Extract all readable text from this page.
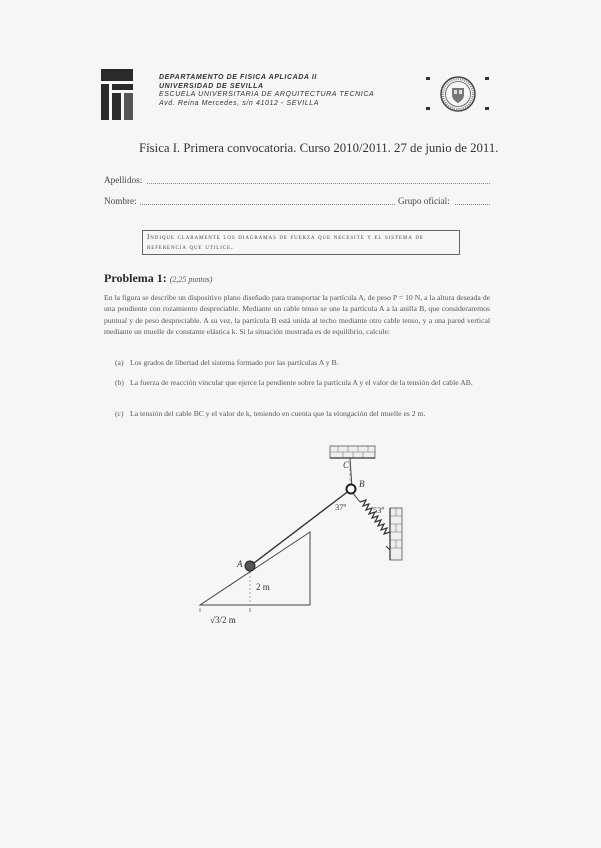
DEPARTAMENTO DE FISICA APLICADA II
UNIVERSIDAD DE SEVILLA
ESCUELA UNIVERSITARIA DE ARQUITECTURA TECNICA
Avd. Reina Mercedes, s/n 41012 - SEVILLA
Física I. Primera convocatoria. Curso 2010/2011. 27 de junio de 2011.
Apellidos:
Nombre:	Grupo oficial:
Indique claramente los diagramas de fuerza que necesite y el sistema de referencia que utilice.
Problema 1: (2,25 puntos)
En la figura se describe un dispositivo plano diseñado para transportar la partícula A, de peso P = 10 N, a la altura deseada de una pendiente con rozamiento despreciable. Mediante un cable tenso se une la partícula A a la anilla B, que consideraremos puntual y de peso despreciable. A su vez, la partícula B está unida al techo mediante otro cable tenso, y a una pared vertical mediante un muelle de constante elástica k. Si la situación mostrada es de equilibrio, calcule:
(a) Los grados de libertad del sistema formado por las partículas A y B.
(b) La fuerza de reacción vincular que ejerce la pendiente sobre la partícula A y el valor de la tensión del cable AB.
(c) La tensión del cable BC y el valor de k, teniendo en cuenta que la elongación del muelle es 2 m.
C
B
A
37º	53º
2 m
√3/2 m
